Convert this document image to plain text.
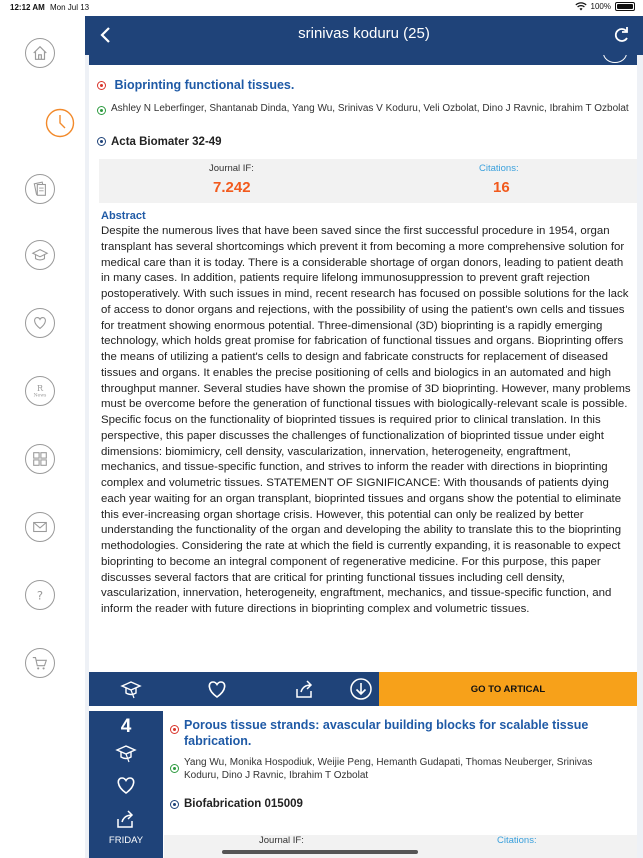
12:12 AM Mon Jul 13	100%
R
News
?
srinivas koduru (25)
Bioprinting functional tissues.
Ashley N Leberfinger, Shantanab Dinda, Yang Wu, Srinivas V Koduru, Veli Ozbolat, Dino J Ravnic, Ibrahim T Ozbolat
Acta Biomater 32-49
Journal IF:
7.242
Citations:
16
Abstract
Despite the numerous lives that have been saved since the first successful procedure in 1954, organ transplant has several shortcomings which prevent it from becoming a more comprehensive solution for medical care than it is today. There is a considerable shortage of organ donors, leading to patient death in many cases. In addition, patients require lifelong immunosuppression to prevent graft rejection postoperatively. With such issues in mind, recent research has focused on possible solutions for the lack of access to donor organs and rejections, with the possibility of using the patient's own cells and tissues for treatment showing enormous potential. Three-dimensional (3D) bioprinting is a rapidly emerging technology, which holds great promise for fabrication of functional tissues and organs. Bioprinting offers the means of utilizing a patient's cells to design and fabricate constructs for replacement of diseased tissues and organs. It enables the precise positioning of cells and biologics in an automated and high throughput manner. Several studies have shown the promise of 3D bioprinting. However, many problems must be overcome before the generation of functional tissues with biologically-relevant scale is possible. Specific focus on the functionality of bioprinted tissues is required prior to clinical translation. In this perspective, this paper discusses the challenges of functionalization of bioprinted tissue under eight dimensions: biomimicry, cell density, vascularization, innervation, heterogeneity, engraftment, mechanics, and tissue-specific function, and strives to inform the reader with directions in bioprinting complex and volumetric tissues. STATEMENT OF SIGNIFICANCE: With thousands of patients dying each year waiting for an organ transplant, bioprinted tissues and organs show the potential to eliminate this ever-increasing organ shortage crisis. However, this potential can only be realized by better understanding the functionality of the organ and developing the ability to translate this to the bioprinting methodologies. Considering the rate at which the field is currently expanding, it is reasonable to expect bioprinting to become an integral component of regenerative medicine. For this purpose, this paper discusses several factors that are critical for printing functional tissues including cell density, vascularization, innervation, heterogeneity, engraftment, mechanics, and tissue-specific function, and inform the reader with future directions in bioprinting complex and volumetric tissues.
GO TO ARTICAL
4
FRIDAY
Porous tissue strands: avascular building blocks for scalable tissue fabrication.
Yang Wu, Monika Hospodiuk, Weijie Peng, Hemanth Gudapati, Thomas Neuberger, Srinivas Koduru, Dino J Ravnic, Ibrahim T Ozbolat
Biofabrication 015009
Journal IF:	Citations:
